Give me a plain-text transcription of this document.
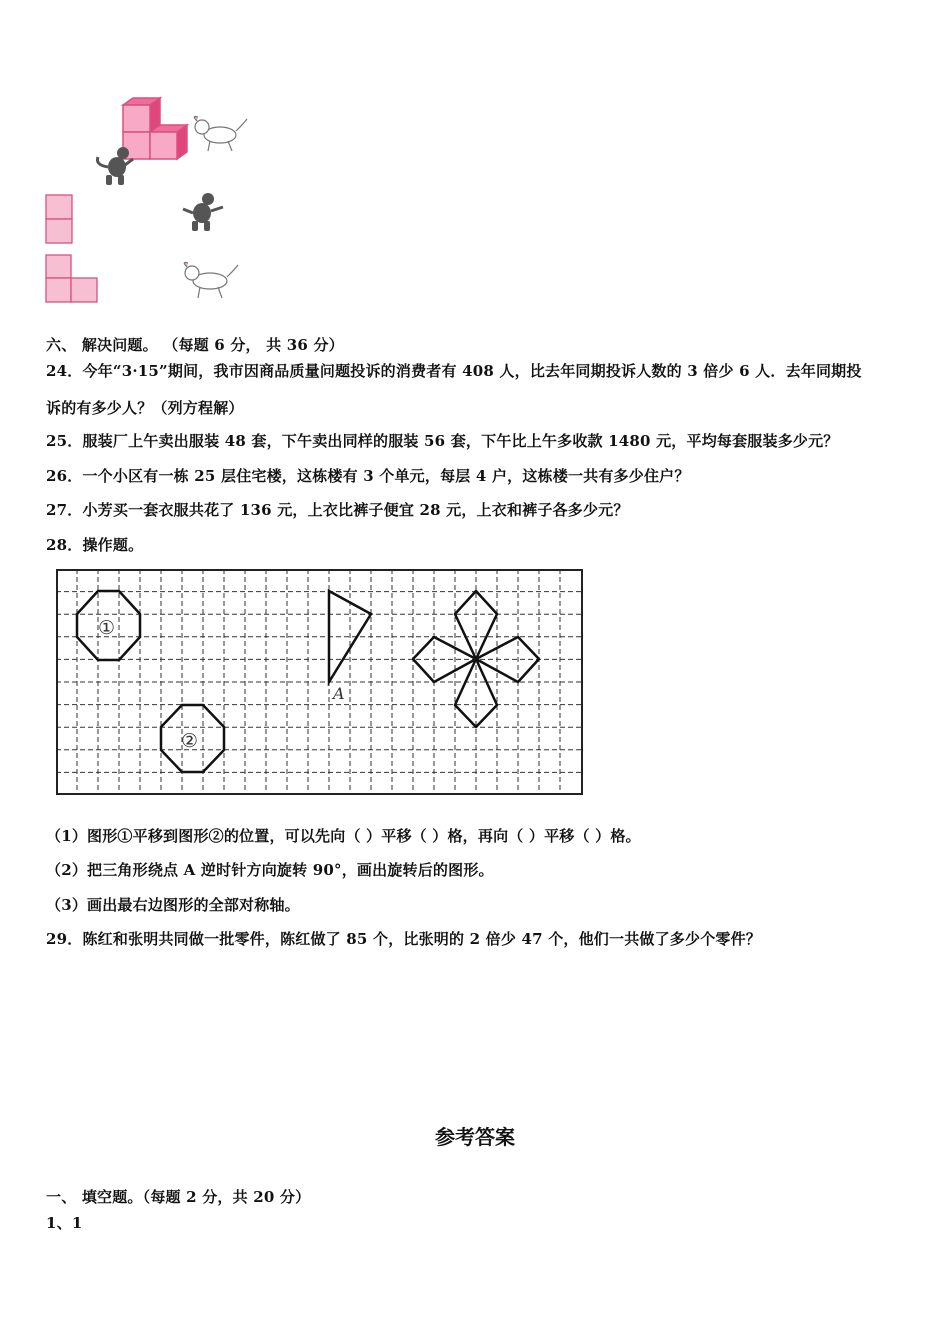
六、 解决问题。 （每题 6 分， 共 36 分）
24．今年“3·15”期间，我市因商品质量问题投诉的消费者有 408 人，比去年同期投诉人数的 3 倍少 6 人．去年同期投
诉的有多少人？（列方程解）
25．服装厂上午卖出服装 48 套，下午卖出同样的服装 56 套，下午比上午多收款 1480 元，平均每套服装多少元？
26．一个小区有一栋 25 层住宅楼，这栋楼有 3 个单元，每层 4 户，这栋楼一共有多少住户？
27．小芳买一套衣服共花了 136 元，上衣比裤子便宜 28 元，上衣和裤子各多少元？
28．操作题。
①
②
A
（1）图形①平移到图形②的位置，可以先向（ ）平移（ ）格，再向（ ）平移（ ）格。
（2）把三角形绕点 A 逆时针方向旋转 90°，画出旋转后的图形。
（3）画出最右边图形的全部对称轴。
29．陈红和张明共同做一批零件，陈红做了 85 个，比张明的 2 倍少 47 个，他们一共做了多少个零件？
参考答案
一、 填空题。（每题 2 分，共 20 分）
1、1
